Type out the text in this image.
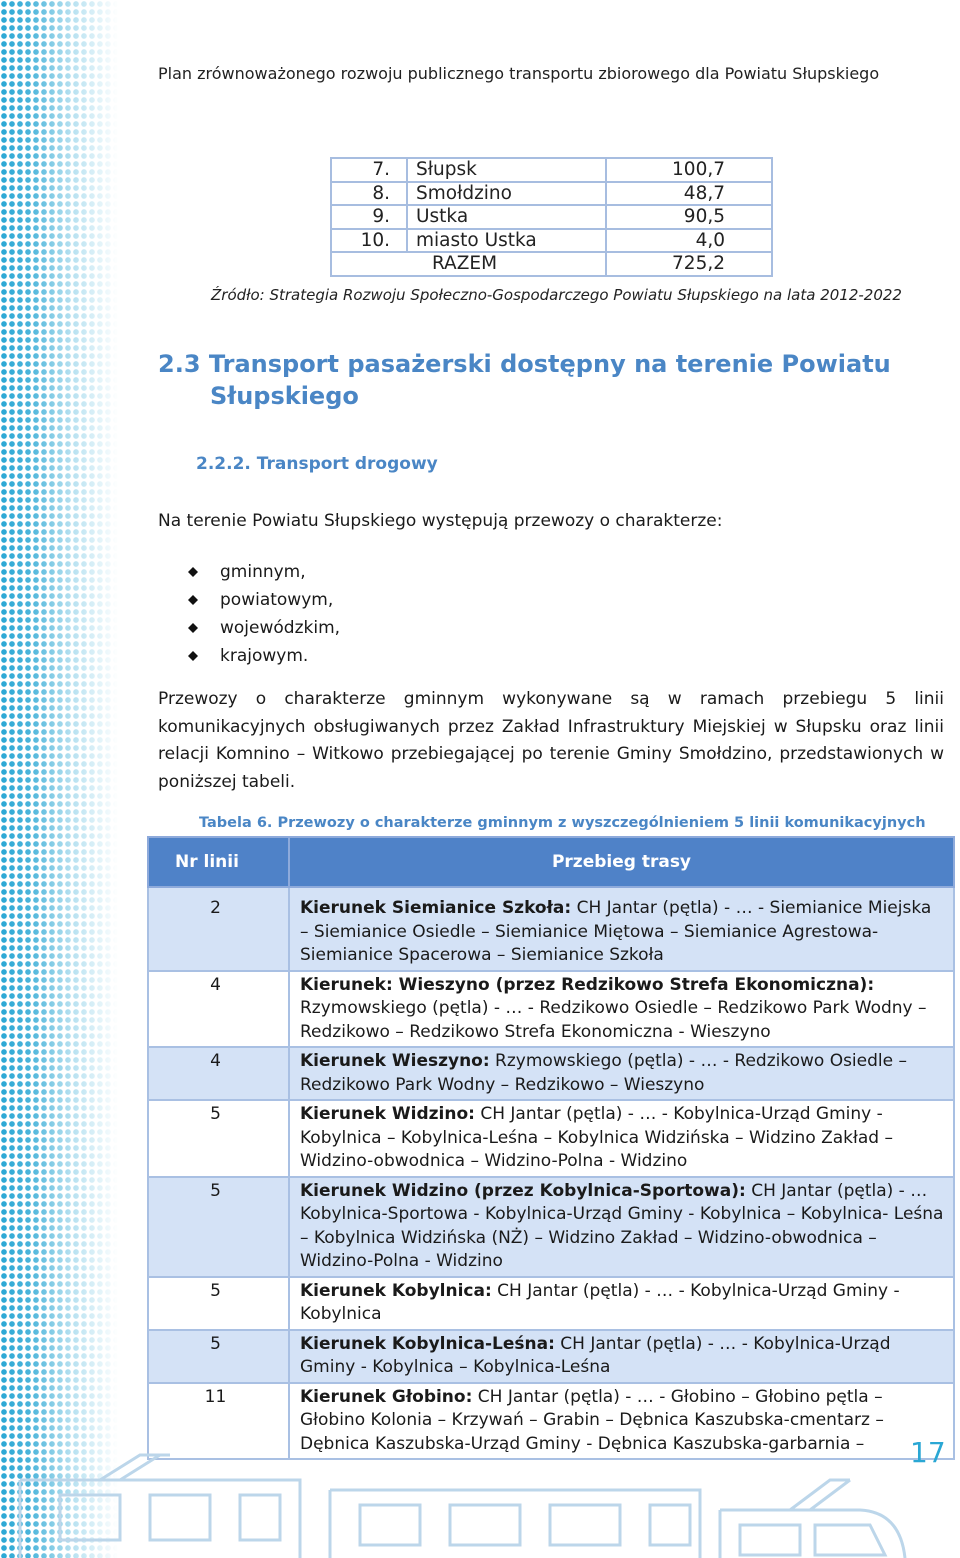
Plan zrównoważonego rozwoju publicznego transportu zbiorowego dla Powiatu Słupskiego
7.	Słupsk	100,7
8.	Smołdzino	48,7
9.	Ustka	90,5
10.	miasto Ustka	4,0
RAZEM		725,2
Źródło: Strategia Rozwoju Społeczno-Gospodarczego Powiatu Słupskiego na lata 2012-2022
2.3 Transport pasażerski dostępny na terenie Powiatu
Słupskiego
2.2.2. Transport drogowy
Na terenie Powiatu Słupskiego występują przewozy o charakterze:
gminnym,
powiatowym,
wojewódzkim,
krajowym.
Przewozy o charakterze gminnym wykonywane są w ramach przebiegu 5 linii komunikacyjnych obsługiwanych przez Zakład Infrastruktury Miejskiej w Słupsku oraz linii relacji Komnino – Witkowo przebiegającej po terenie Gminy Smołdzino, przedstawionych w poniższej tabeli.
Tabela 6. Przewozy o charakterze gminnym z wyszczególnieniem 5 linii komunikacyjnych
Nr linii	Przebieg trasy
2	Kierunek Siemianice Szkoła: CH Jantar (pętla) - … - Siemianice Miejska – Siemianice Osiedle – Siemianice Miętowa – Siemianice Agrestowa- Siemianice Spacerowa – Siemianice Szkoła
4	Kierunek: Wieszyno (przez Redzikowo Strefa Ekonomiczna): Rzymowskiego (pętla) - … - Redzikowo Osiedle – Redzikowo Park Wodny – Redzikowo – Redzikowo Strefa Ekonomiczna - Wieszyno
4	Kierunek Wieszyno: Rzymowskiego (pętla) - … - Redzikowo Osiedle – Redzikowo Park Wodny – Redzikowo – Wieszyno
5	Kierunek Widzino: CH Jantar (pętla) - … - Kobylnica-Urząd Gminy - Kobylnica – Kobylnica-Leśna – Kobylnica Widzińska – Widzino Zakład – Widzino-obwodnica – Widzino-Polna - Widzino
5	Kierunek Widzino (przez Kobylnica-Sportowa): CH Jantar (pętla) - … Kobylnica-Sportowa - Kobylnica-Urząd Gminy - Kobylnica – Kobylnica- Leśna – Kobylnica Widzińska (NŻ) – Widzino Zakład – Widzino-obwodnica – Widzino-Polna - Widzino
5	Kierunek Kobylnica: CH Jantar (pętla) - … - Kobylnica-Urząd Gminy - Kobylnica
5	Kierunek Kobylnica-Leśna: CH Jantar (pętla) - … - Kobylnica-Urząd Gminy - Kobylnica – Kobylnica-Leśna
11	Kierunek Głobino: CH Jantar (pętla) - … - Głobino – Głobino pętla – Głobino Kolonia – Krzywań – Grabin – Dębnica Kaszubska-cmentarz – Dębnica Kaszubska-Urząd Gminy - Dębnica Kaszubska-garbarnia – 17
